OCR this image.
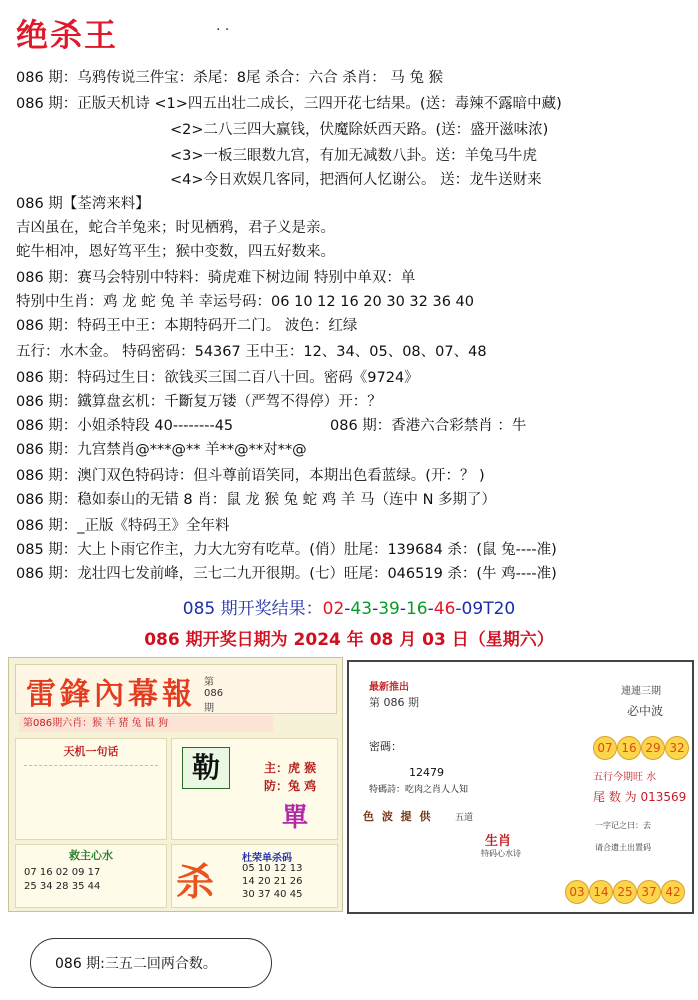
绝杀王	· ·
086 期：乌鸦传说三件宝：杀尾：8尾 杀合：六合 杀肖： 马 兔 猴
086 期：正版天机诗 <1>四五出壮二成长，三四开花七结果。(送：毒辣不露暗中藏)
<2>二八三四大赢钱，伏魔除妖西天路。(送：盛开滋味浓)
<3>一板三眼数九宫，有加无减数八卦。送：羊兔马牛虎
<4>今日欢娱几客同，把酒何人忆谢公。 送：龙牛送财来
086 期【荃湾来料】
吉凶虽在，蛇合羊兔来；时见栖鸦，君子义是亲。
蛇牛相冲，恩好笃平生；猴中变数，四五好数来。
086 期：赛马会特别中特料：骑虎难下树边闹 特别中单双：单
特别中生肖：鸡 龙 蛇 兔 羊 幸运号码：06 10 12 16 20 30 32 36 40
086 期：特码王中王：本期特码开二门。 波色：红绿
五行：水木金。 特码密码：54367 王中王：12、34、05、08、07、48
086 期：特码过生日：欲钱买三国二百八十回。密码《9724》
086 期：鐵算盘玄机：千斷复万镂（严驾不得停）开：？
086 期：小姐杀特段 40--------45	086 期：香港六合彩禁肖 ：牛
086 期：九宫禁肖@***@** 羊**@**对**@
086 期：澳门双色特码诗：但斗尊前语笑同，本期出色看蓝绿。(开：？ )
086 期：稳如泰山的无错 8 肖：鼠 龙 猴 兔 蛇 鸡 羊 马（连中 N 多期了）
086 期：_正版《特码王》全年料
085 期：大上卜雨它作主，力大尢穷有吃草。(俏）肚尾：139684 杀：(鼠 兔----准)
086 期：龙壮四七发前峰，三七二九开很期。(七）旺尾：046519 杀：(牛 鸡----准)
085 期开奖结果：02-43-39-16-46-09T20
086 期开奖日期为 2024 年 08 月 03 日（星期六）
雷鋒內幕報 第
086
期
第086期六肖：猴 羊 猪 兔 鼠 狗
天机一句话	勒	主：虎 猴
防：兔 鸡
單
救主心水
07 16 02 09 17
25 34 28 35 44 杀
杜荣单杀码
05 10 12 13
14 20 21 26
30 37 40 45
最新推出
第 086 期
連連三期
必中波
密碼：
12479
特碼詩：吃肉之肖人人知
07 16 29 32
五行今期旺 水
尾 数 为 013569
色 波 提 供	五道
生肖
特码心水诗
一字记之曰：去
请合遗土出置码
03 14 25 37 42
086 期:三五二回两合数。
